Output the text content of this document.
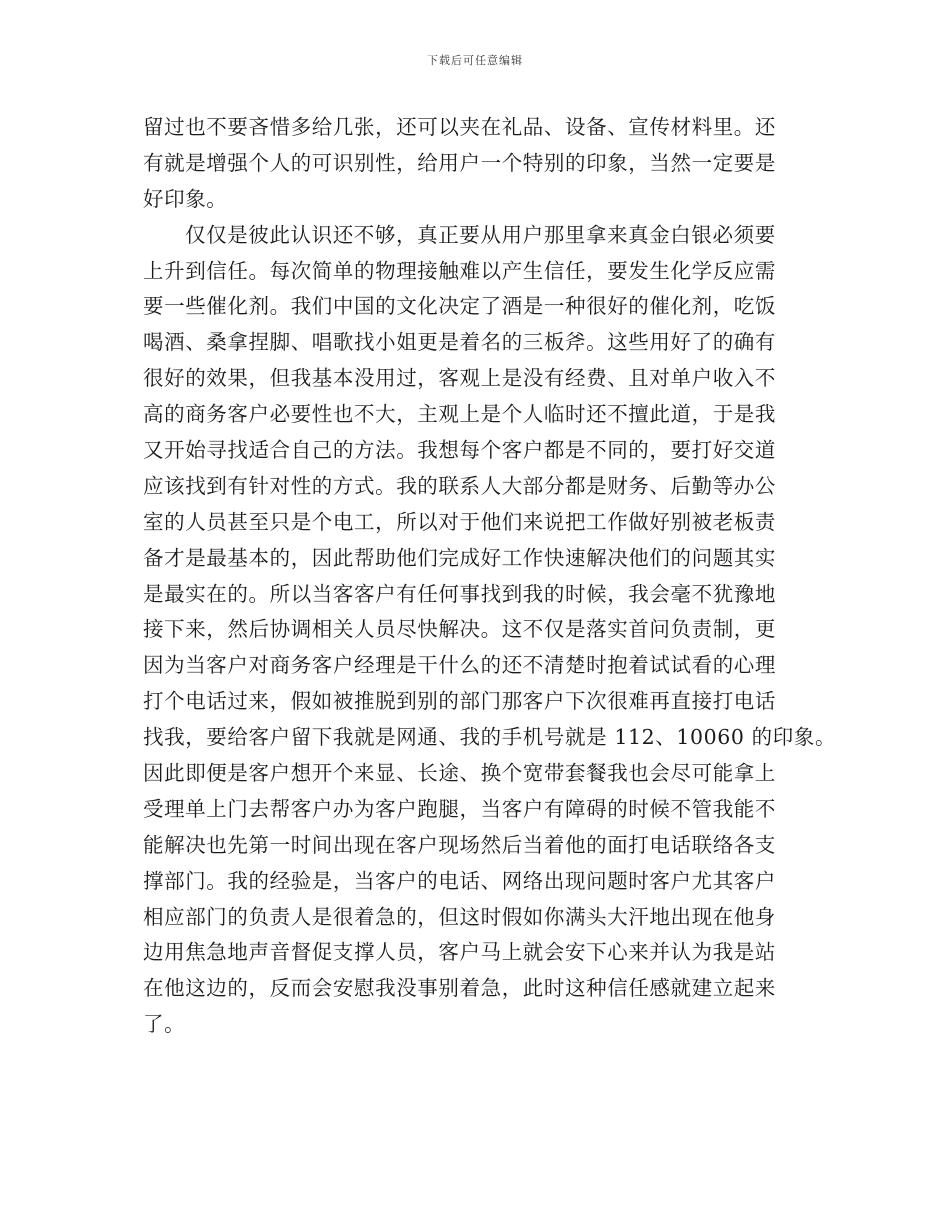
下载后可任意编辑
留过也不要吝惜多给几张，还可以夹在礼品、设备、宣传材料里。还
有就是增强个人的可识别性，给用户一个特别的印象，当然一定要是
好印象。
仅仅是彼此认识还不够，真正要从用户那里拿来真金白银必须要
上升到信任。每次简单的物理接触难以产生信任，要发生化学反应需
要一些催化剂。我们中国的文化决定了酒是一种很好的催化剂，吃饭
喝酒、桑拿捏脚、唱歌找小姐更是着名的三板斧。这些用好了的确有
很好的效果，但我基本没用过，客观上是没有经费、且对单户收入不
高的商务客户必要性也不大，主观上是个人临时还不擅此道，于是我
又开始寻找适合自己的方法。我想每个客户都是不同的，要打好交道
应该找到有针对性的方式。我的联系人大部分都是财务、后勤等办公
室的人员甚至只是个电工，所以对于他们来说把工作做好别被老板责
备才是最基本的，因此帮助他们完成好工作快速解决他们的问题其实
是最实在的。所以当客客户有任何事找到我的时候，我会毫不犹豫地
接下来，然后协调相关人员尽快解决。这不仅是落实首问负责制，更
因为当客户对商务客户经理是干什么的还不清楚时抱着试试看的心理
打个电话过来，假如被推脱到别的部门那客户下次很难再直接打电话
找我，要给客户留下我就是网通、我的手机号就是 112、10060 的印象。
因此即便是客户想开个来显、长途、换个宽带套餐我也会尽可能拿上
受理单上门去帮客户办为客户跑腿，当客户有障碍的时候不管我能不
能解决也先第一时间出现在客户现场然后当着他的面打电话联络各支
撑部门。我的经验是，当客户的电话、网络出现问题时客户尤其客户
相应部门的负责人是很着急的，但这时假如你满头大汗地出现在他身
边用焦急地声音督促支撑人员，客户马上就会安下心来并认为我是站
在他这边的，反而会安慰我没事别着急，此时这种信任感就建立起来
了。
